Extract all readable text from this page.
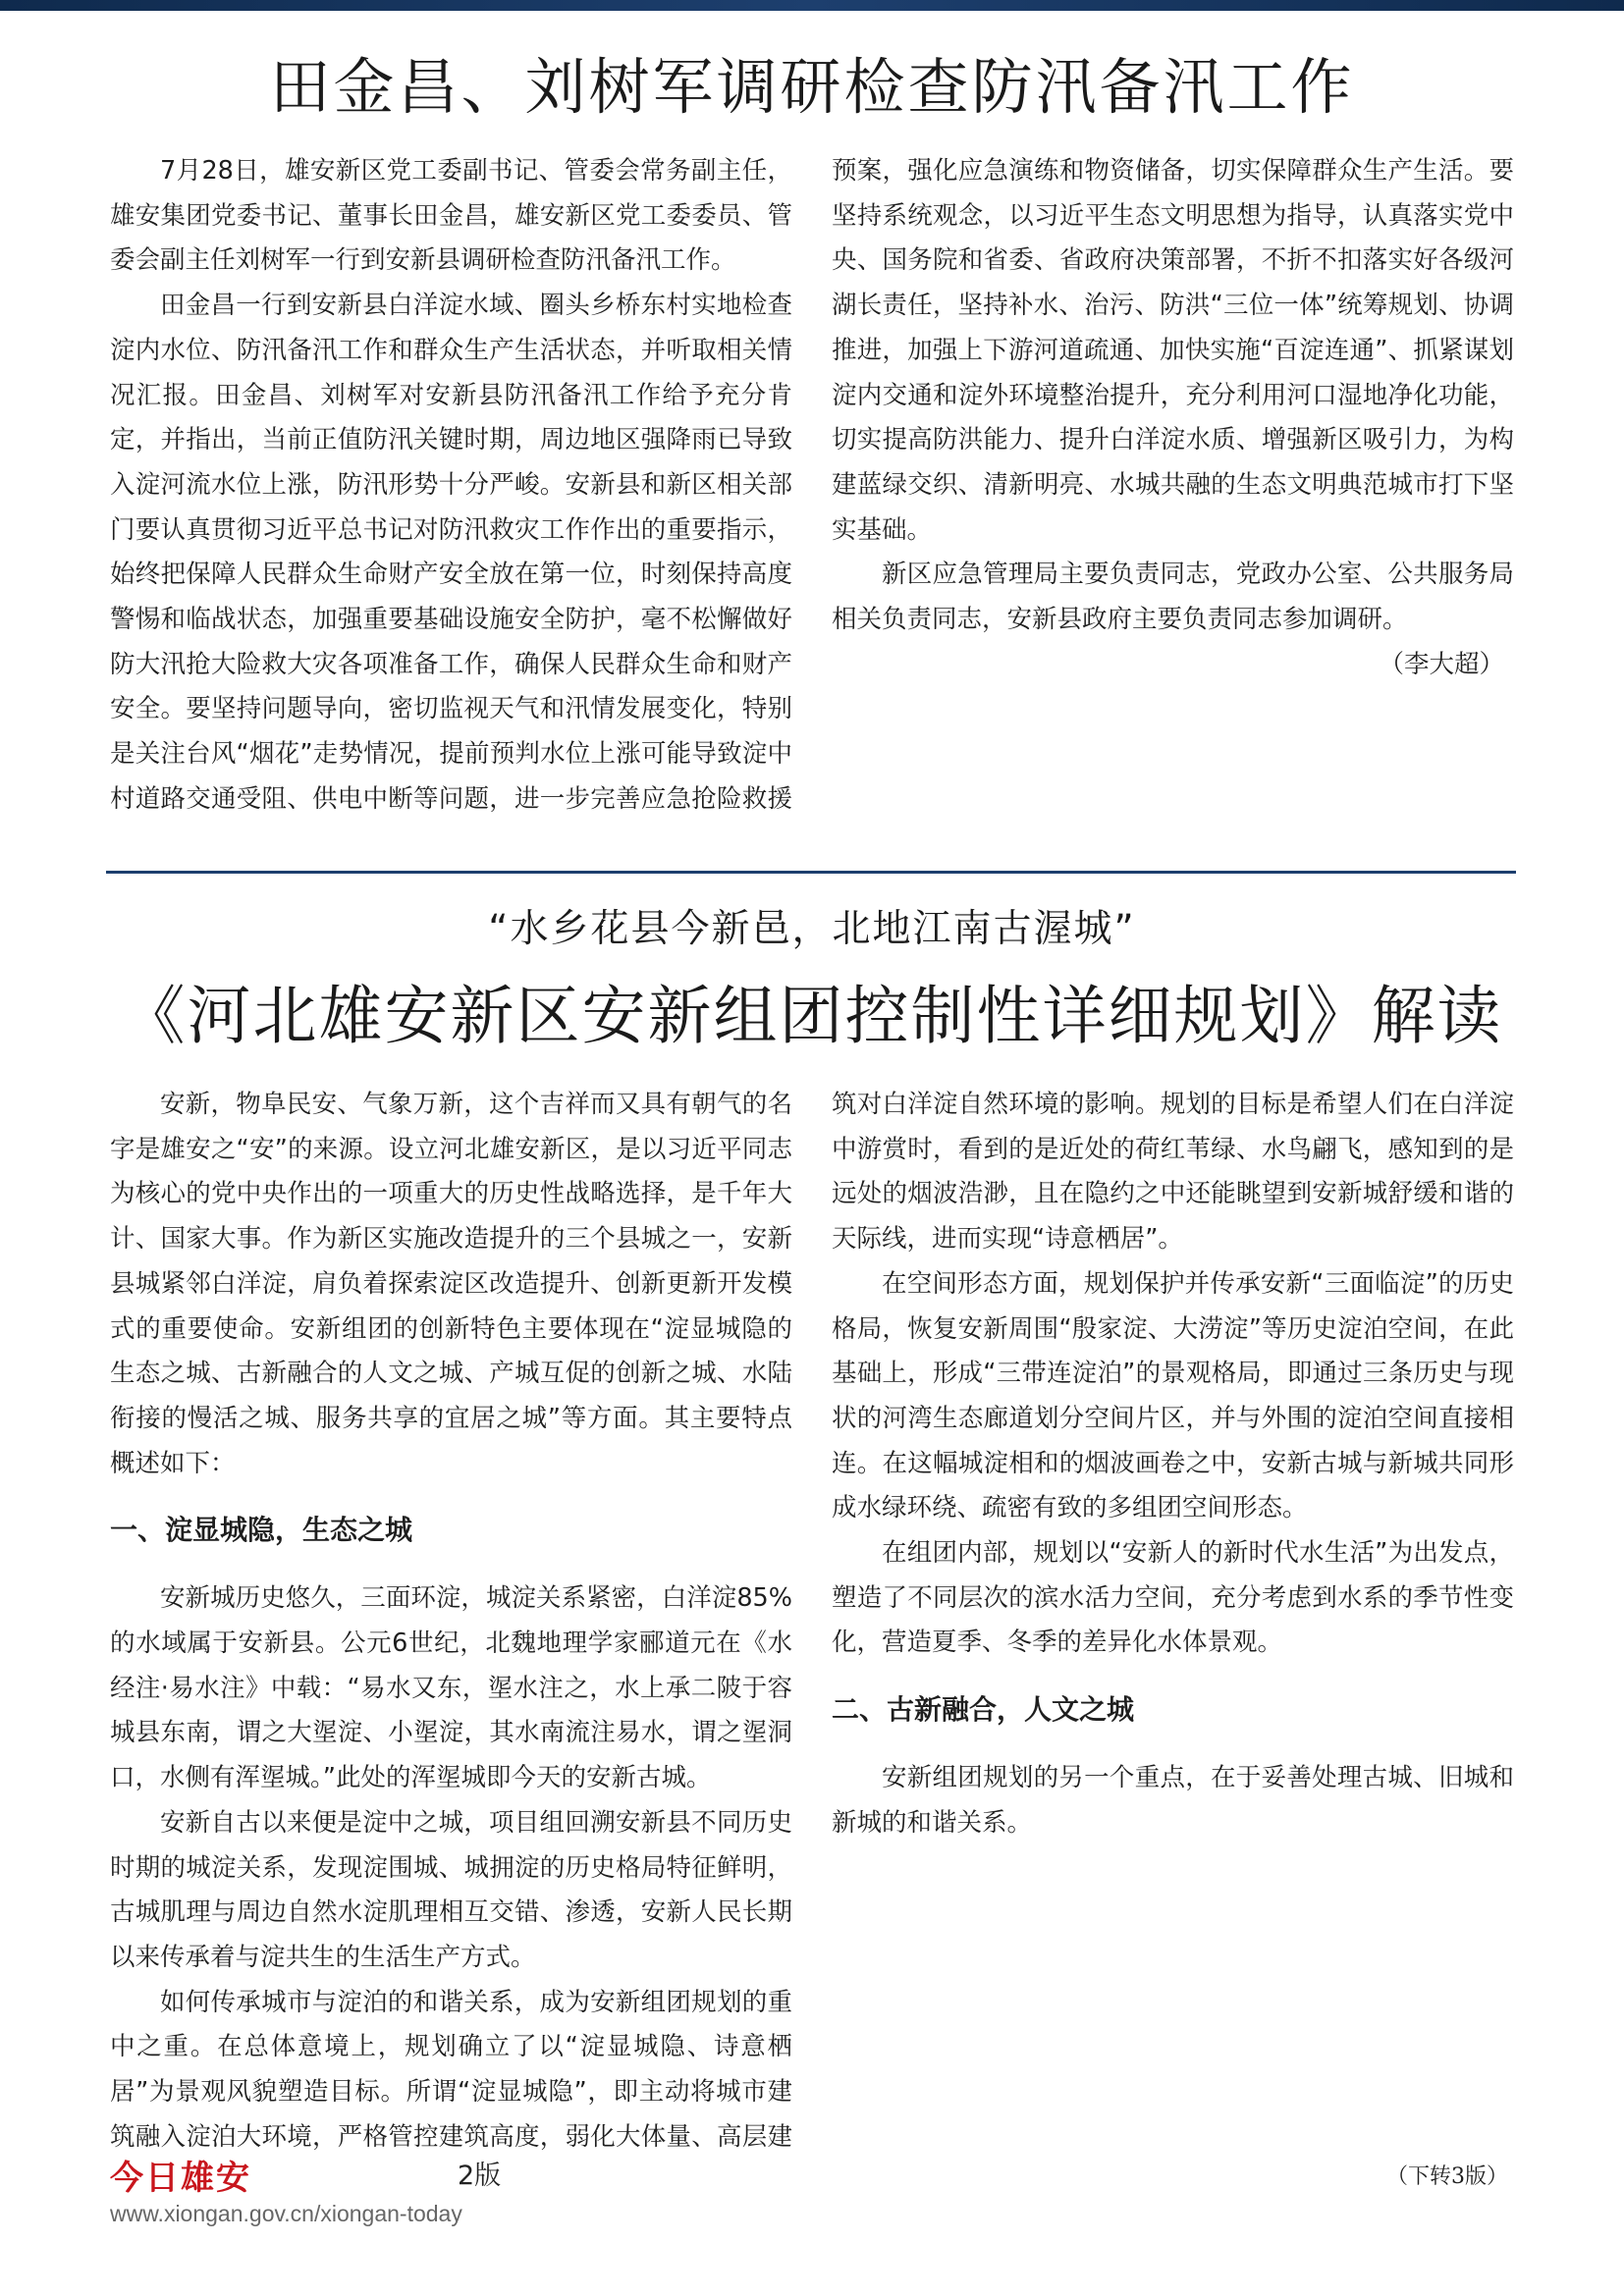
田金昌、刘树军调研检查防汛备汛工作

7月28日，雄安新区党工委副书记、管委会常务副主任，雄安集团党委书记、董事长田金昌，雄安新区党工委委员、管委会副主任刘树军一行到安新县调研检查防汛备汛工作。

田金昌一行到安新县白洋淀水域、圈头乡桥东村实地检查淀内水位、防汛备汛工作和群众生产生活状态，并听取相关情况汇报。田金昌、刘树军对安新县防汛备汛工作给予充分肯定，并指出，当前正值防汛关键时期，周边地区强降雨已导致入淀河流水位上涨，防汛形势十分严峻。安新县和新区相关部门要认真贯彻习近平总书记对防汛救灾工作作出的重要指示，始终把保障人民群众生命财产安全放在第一位，时刻保持高度警惕和临战状态，加强重要基础设施安全防护，毫不松懈做好防大汛抢大险救大灾各项准备工作，确保人民群众生命和财产安全。要坚持问题导向，密切监视天气和汛情发展变化，特别是关注台风“烟花”走势情况，提前预判水位上涨可能导致淀中村道路交通受阻、供电中断等问题，进一步完善应急抢险救援预案，强化应急演练和物资储备，切实保障群众生产生活。要坚持系统观念，以习近平生态文明思想为指导，认真落实党中央、国务院和省委、省政府决策部署，不折不扣落实好各级河湖长责任，坚持补水、治污、防洪“三位一体”统筹规划、协调推进，加强上下游河道疏通、加快实施“百淀连通”、抓紧谋划淀内交通和淀外环境整治提升，充分利用河口湿地净化功能，切实提高防洪能力、提升白洋淀水质、增强新区吸引力，为构建蓝绿交织、清新明亮、水城共融的生态文明典范城市打下坚实基础。

新区应急管理局主要负责同志，党政办公室、公共服务局相关负责同志，安新县政府主要负责同志参加调研。
（李大超）

“水乡花县今新邑，北地江南古渥城”
《河北雄安新区安新组团控制性详细规划》解读

安新，物阜民安、气象万新，这个吉祥而又具有朝气的名字是雄安之“安”的来源。设立河北雄安新区，是以习近平同志为核心的党中央作出的一项重大的历史性战略选择，是千年大计、国家大事。作为新区实施改造提升的三个县城之一，安新县城紧邻白洋淀，肩负着探索淀区改造提升、创新更新开发模式的重要使命。安新组团的创新特色主要体现在“淀显城隐的生态之城、古新融合的人文之城、产城互促的创新之城、水陆衔接的慢活之城、服务共享的宜居之城”等方面。其主要特点概述如下：

一、淀显城隐，生态之城

安新城历史悠久，三面环淀，城淀关系紧密，白洋淀85%的水域属于安新县。公元6世纪，北魏地理学家郦道元在《水经注·易水注》中载：“易水又东，埿水注之，水上承二陂于容城县东南，谓之大埿淀、小埿淀，其水南流注易水，谓之埿洞口，水侧有浑埿城。”此处的浑埿城即今天的安新古城。

安新自古以来便是淀中之城，项目组回溯安新县不同历史时期的城淀关系，发现淀围城、城拥淀的历史格局特征鲜明，古城肌理与周边自然水淀肌理相互交错、渗透，安新人民长期以来传承着与淀共生的生活生产方式。

如何传承城市与淀泊的和谐关系，成为安新组团规划的重中之重。在总体意境上，规划确立了以“淀显城隐、诗意栖居”为景观风貌塑造目标。所谓“淀显城隐”，即主动将城市建筑融入淀泊大环境，严格管控建筑高度，弱化大体量、高层建筑对白洋淀自然环境的影响。规划的目标是希望人们在白洋淀中游赏时，看到的是近处的荷红苇绿、水鸟翩飞，感知到的是远处的烟波浩渺，且在隐约之中还能眺望到安新城舒缓和谐的天际线，进而实现“诗意栖居”。

在空间形态方面，规划保护并传承安新“三面临淀”的历史格局，恢复安新周围“殷家淀、大涝淀”等历史淀泊空间，在此基础上，形成“三带连淀泊”的景观格局，即通过三条历史与现状的河湾生态廊道划分空间片区，并与外围的淀泊空间直接相连。在这幅城淀相和的烟波画卷之中，安新古城与新城共同形成水绿环绕、疏密有致的多组团空间形态。

在组团内部，规划以“安新人的新时代水生活”为出发点，塑造了不同层次的滨水活力空间，充分考虑到水系的季节性变化，营造夏季、冬季的差异化水体景观。

二、古新融合，人文之城

安新组团规划的另一个重点，在于妥善处理古城、旧城和新城的和谐关系。

（下转3版）
今日雄安	2版
www.xiongan.gov.cn/xiongan-today
